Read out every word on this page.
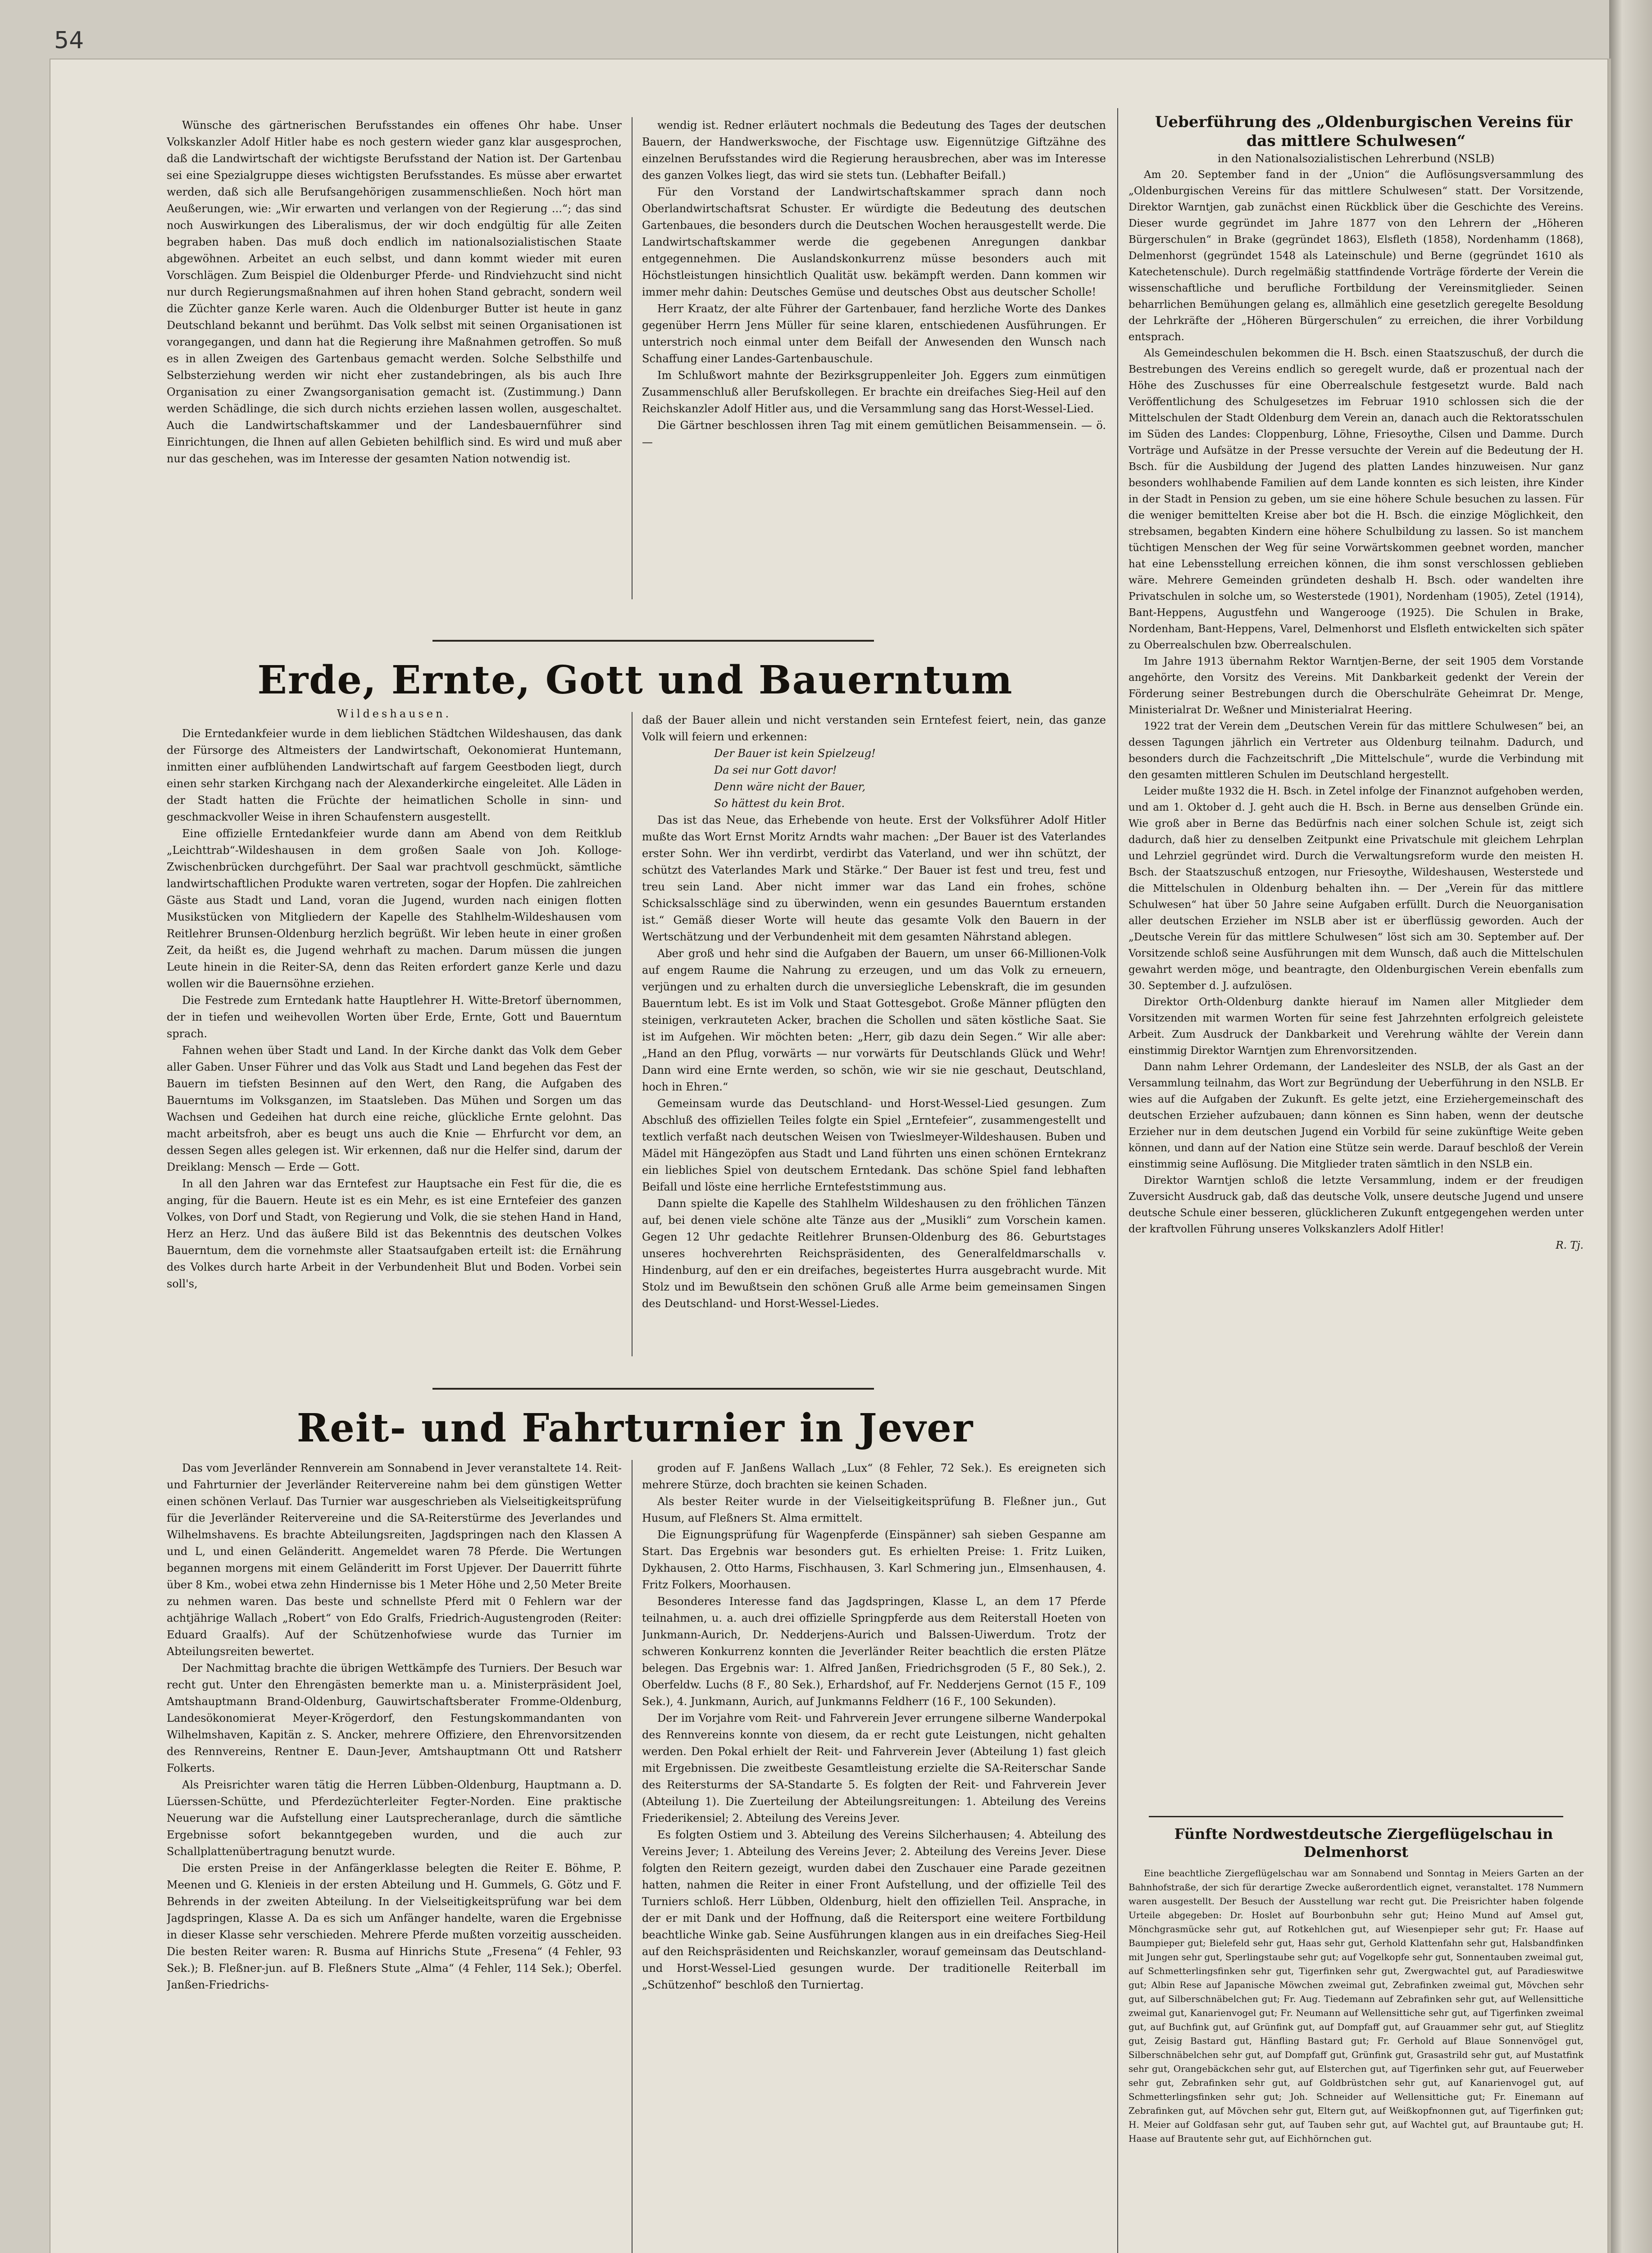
54

Wünsche des gärtnerischen Berufsstandes ein offenes Ohr habe. Unser Volkskanzler Adolf Hitler habe es noch gestern wieder ganz klar ausgesprochen, daß die Landwirtschaft der wichtigste Berufsstand der Nation ist. Der Gartenbau sei eine Spezialgruppe dieses wichtigsten Berufsstandes. Es müsse aber erwartet werden, daß sich alle Berufsangehörigen zusammenschließen. Noch hört man Aeußerungen, wie: „Wir erwarten und verlangen von der Regierung ...“; das sind noch Auswirkungen des Liberalismus, der wir doch endgültig für alle Zeiten begraben haben. Das muß doch endlich im nationalsozialistischen Staate abgewöhnen. Arbeitet an euch selbst, und dann kommt wieder mit euren Vorschlägen. Zum Beispiel die Oldenburger Pferde- und Rindviehzucht sind nicht nur durch Regierungsmaßnahmen auf ihren hohen Stand gebracht, sondern weil die Züchter ganze Kerle waren. Auch die Oldenburger Butter ist heute in ganz Deutschland bekannt und berühmt. Das Volk selbst mit seinen Organisationen ist vorangegangen, und dann hat die Regierung ihre Maßnahmen getroffen. So muß es in allen Zweigen des Gartenbaus gemacht werden. Solche Selbsthilfe und Selbsterziehung werden wir nicht eher zustandebringen, als bis auch Ihre Organisation zu einer Zwangsorganisation gemacht ist. (Zustimmung.) Dann werden Schädlinge, die sich durch nichts erziehen lassen wollen, ausgeschaltet. Auch die Landwirtschaftskammer und der Landesbauernführer sind Einrichtungen, die Ihnen auf allen Gebieten behilflich sind. Es wird und muß aber nur das geschehen, was im Interesse der gesamten Nation notwendig ist.

wendig ist. Redner erläutert nochmals die Bedeutung des Tages der deutschen Bauern, der Handwerkswoche, der Fischtage usw. Eigennützige Giftzähne des einzelnen Berufsstandes wird die Regierung herausbrechen, aber was im Interesse des ganzen Volkes liegt, das wird sie stets tun. (Lebhafter Beifall.)

Für den Vorstand der Landwirtschaftskammer sprach dann noch Oberlandwirtschaftsrat Schuster. Er würdigte die Bedeutung des deutschen Gartenbaues, die besonders durch die Deutschen Wochen herausgestellt werde. Die Landwirtschaftskammer werde die gegebenen Anregungen dankbar entgegennehmen. Die Auslandskonkurrenz müsse besonders auch mit Höchstleistungen hinsichtlich Qualität usw. bekämpft werden. Dann kommen wir immer mehr dahin: Deutsches Gemüse und deutsches Obst aus deutscher Scholle!

Herr Kraatz, der alte Führer der Gartenbauer, fand herzliche Worte des Dankes gegenüber Herrn Jens Müller für seine klaren, entschiedenen Ausführungen. Er unterstrich noch einmal unter dem Beifall der Anwesenden den Wunsch nach Schaffung einer Landes-Gartenbauschule.

Im Schlußwort mahnte der Bezirksgruppenleiter Joh. Eggers zum einmütigen Zusammenschluß aller Berufskollegen. Er brachte ein dreifaches Sieg-Heil auf den Reichskanzler Adolf Hitler aus, und die Versammlung sang das Horst-Wessel-Lied.

Die Gärtner beschlossen ihren Tag mit einem gemütlichen Beisammensein. — ö. —

Erde, Ernte, Gott und Bauerntum
Wildeshausen.

Die Erntedankfeier wurde in dem lieblichen Städtchen Wildeshausen, das dank der Fürsorge des Altmeisters der Landwirtschaft, Oekonomierat Huntemann, inmitten einer aufblühenden Landwirtschaft auf fargem Geestboden liegt, durch einen sehr starken Kirchgang nach der Alexanderkirche eingeleitet. Alle Läden in der Stadt hatten die Früchte der heimatlichen Scholle in sinn- und geschmackvoller Weise in ihren Schaufenstern ausgestellt.

Eine offizielle Erntedankfeier wurde dann am Abend von dem Reitklub „Leichttrab“-Wildeshausen in dem großen Saale von Joh. Kolloge-Zwischenbrücken durchgeführt. Der Saal war prachtvoll geschmückt, sämtliche landwirtschaftlichen Produkte waren vertreten, sogar der Hopfen. Die zahlreichen Gäste aus Stadt und Land, voran die Jugend, wurden nach einigen flotten Musikstücken von Mitgliedern der Kapelle des Stahlhelm-Wildeshausen vom Reitlehrer Brunsen-Oldenburg herzlich begrüßt. Wir leben heute in einer großen Zeit, da heißt es, die Jugend wehrhaft zu machen. Darum müssen die jungen Leute hinein in die Reiter-SA, denn das Reiten erfordert ganze Kerle und dazu wollen wir die Bauernsöhne erziehen.

Die Festrede zum Erntedank hatte Hauptlehrer H. Witte-Bretorf übernommen, der in tiefen und weihevollen Worten über Erde, Ernte, Gott und Bauerntum sprach.

Fahnen wehen über Stadt und Land. In der Kirche dankt das Volk dem Geber aller Gaben. Unser Führer und das Volk aus Stadt und Land begehen das Fest der Bauern im tiefsten Besinnen auf den Wert, den Rang, die Aufgaben des Bauerntums im Volksganzen, im Staatsleben. Das Mühen und Sorgen um das Wachsen und Gedeihen hat durch eine reiche, glückliche Ernte gelohnt. Das macht arbeitsfroh, aber es beugt uns auch die Knie — Ehrfurcht vor dem, an dessen Segen alles gelegen ist. Wir erkennen, daß nur die Helfer sind, darum der Dreiklang: Mensch — Erde — Gott.

In all den Jahren war das Erntefest zur Hauptsache ein Fest für die, die es anging, für die Bauern. Heute ist es ein Mehr, es ist eine Erntefeier des ganzen Volkes, von Dorf und Stadt, von Regierung und Volk, die sie stehen Hand in Hand, Herz an Herz. Und das äußere Bild ist das Bekenntnis des deutschen Volkes Bauerntum, dem die vornehmste aller Staatsaufgaben erteilt ist: die Ernährung des Volkes durch harte Arbeit in der Verbundenheit Blut und Boden. Vorbei sein soll's,

daß der Bauer allein und nicht verstanden sein Erntefest feiert, nein, das ganze Volk will feiern und erkennen:

Der Bauer ist kein Spielzeug!
Da sei nur Gott davor!
Denn wäre nicht der Bauer,
So hättest du kein Brot.

Das ist das Neue, das Erhebende von heute. Erst der Volksführer Adolf Hitler mußte das Wort Ernst Moritz Arndts wahr machen: „Der Bauer ist des Vaterlandes erster Sohn. Wer ihn verdirbt, verdirbt das Vaterland, und wer ihn schützt, der schützt des Vaterlandes Mark und Stärke.“ Der Bauer ist fest und treu, fest und treu sein Land. Aber nicht immer war das Land ein frohes, schöne Schicksalsschläge sind zu überwinden, wenn ein gesundes Bauerntum erstanden ist.“ Gemäß dieser Worte will heute das gesamte Volk den Bauern in der Wertschätzung und der Verbundenheit mit dem gesamten Nährstand ablegen.

Aber groß und hehr sind die Aufgaben der Bauern, um unser 66-Millionen-Volk auf engem Raume die Nahrung zu erzeugen, und um das Volk zu erneuern, verjüngen und zu erhalten durch die unversiegliche Lebenskraft, die im gesunden Bauerntum lebt. Es ist im Volk und Staat Gottesgebot. Große Männer pflügten den steinigen, verkrauteten Acker, brachen die Schollen und säten köstliche Saat. Sie ist im Aufgehen. Wir möchten beten: „Herr, gib dazu dein Segen.“ Wir alle aber: „Hand an den Pflug, vorwärts — nur vorwärts für Deutschlands Glück und Wehr! Dann wird eine Ernte werden, so schön, wie wir sie nie geschaut, Deutschland, hoch in Ehren.“

Gemeinsam wurde das Deutschland- und Horst-Wessel-Lied gesungen. Zum Abschluß des offiziellen Teiles folgte ein Spiel „Erntefeier“, zusammengestellt und textlich verfaßt nach deutschen Weisen von Twieslmeyer-Wildeshausen. Buben und Mädel mit Hängezöpfen aus Stadt und Land führten uns einen schönen Erntekranz ein liebliches Spiel von deutschem Erntedank. Das schöne Spiel fand lebhaften Beifall und löste eine herrliche Erntefeststimmung aus.

Dann spielte die Kapelle des Stahlhelm Wildeshausen zu den fröhlichen Tänzen auf, bei denen viele schöne alte Tänze aus der „Musikli“ zum Vorschein kamen. Gegen 12 Uhr gedachte Reitlehrer Brunsen-Oldenburg des 86. Geburtstages unseres hochverehrten Reichspräsidenten, des Generalfeldmarschalls v. Hindenburg, auf den er ein dreifaches, begeistertes Hurra ausgebracht wurde. Mit Stolz und im Bewußtsein den schönen Gruß alle Arme beim gemeinsamen Singen des Deutschland- und Horst-Wessel-Liedes.

Reit- und Fahrturnier in Jever

Das vom Jeverländer Rennverein am Sonnabend in Jever veranstaltete 14. Reit- und Fahrturnier der Jeverländer Reitervereine nahm bei dem günstigen Wetter einen schönen Verlauf. Das Turnier war ausgeschrieben als Vielseitigkeitsprüfung für die Jeverländer Reitervereine und die SA-Reiterstürme des Jeverlandes und Wilhelmshavens. Es brachte Abteilungsreiten, Jagdspringen nach den Klassen A und L, und einen Geländeritt. Angemeldet waren 78 Pferde. Die Wertungen begannen morgens mit einem Geländeritt im Forst Upjever. Der Dauerritt führte über 8 Km., wobei etwa zehn Hindernisse bis 1 Meter Höhe und 2,50 Meter Breite zu nehmen waren. Das beste und schnellste Pferd mit 0 Fehlern war der achtjährige Wallach „Robert“ von Edo Gralfs, Friedrich-Augustengroden (Reiter: Eduard Graalfs). Auf der Schützenhofwiese wurde das Turnier im Abteilungsreiten bewertet.

Der Nachmittag brachte die übrigen Wettkämpfe des Turniers. Der Besuch war recht gut. Unter den Ehrengästen bemerkte man u. a. Ministerpräsident Joel, Amtshauptmann Brand-Oldenburg, Gauwirtschaftsberater Fromme-Oldenburg, Landesökonomierat Meyer-Krögerdorf, den Festungskommandanten von Wilhelmshaven, Kapitän z. S. Ancker, mehrere Offiziere, den Ehrenvorsitzenden des Rennvereins, Rentner E. Daun-Jever, Amtshauptmann Ott und Ratsherr Folkerts.

Als Preisrichter waren tätig die Herren Lübben-Oldenburg, Hauptmann a. D. Lüerssen-Schütte, und Pferdezüchterleiter Fegter-Norden. Eine praktische Neuerung war die Aufstellung einer Lautsprecheranlage, durch die sämtliche Ergebnisse sofort bekanntgegeben wurden, und die auch zur Schallplattenübertragung benutzt wurde.

Die ersten Preise in der Anfängerklasse belegten die Reiter E. Böhme, P. Meenen und G. Klenieis in der ersten Abteilung und H. Gummels, G. Götz und F. Behrends in der zweiten Abteilung. In der Vielseitigkeitsprüfung war bei dem Jagdspringen, Klasse A. Da es sich um Anfänger handelte, waren die Ergebnisse in dieser Klasse sehr verschieden. Mehrere Pferde mußten vorzeitig ausscheiden. Die besten Reiter waren: R. Busma auf Hinrichs Stute „Fresena“ (4 Fehler, 93 Sek.); B. Fleßner-jun. auf B. Fleßners Stute „Alma“ (4 Fehler, 114 Sek.); Oberfel. Janßen-Friedrichs-

groden auf F. Janßens Wallach „Lux“ (8 Fehler, 72 Sek.). Es ereigneten sich mehrere Stürze, doch brachten sie keinen Schaden.

Als bester Reiter wurde in der Vielseitigkeitsprüfung B. Fleßner jun., Gut Husum, auf Fleßners St. Alma ermittelt.

Die Eignungsprüfung für Wagenpferde (Einspänner) sah sieben Gespanne am Start. Das Ergebnis war besonders gut. Es erhielten Preise: 1. Fritz Luiken, Dykhausen, 2. Otto Harms, Fischhausen, 3. Karl Schmering jun., Elmsenhausen, 4. Fritz Folkers, Moorhausen.

Besonderes Interesse fand das Jagdspringen, Klasse L, an dem 17 Pferde teilnahmen, u. a. auch drei offizielle Springpferde aus dem Reiterstall Hoeten von Junkmann-Aurich, Dr. Nedderjens-Aurich und Balssen-Uiwerdum. Trotz der schweren Konkurrenz konnten die Jeverländer Reiter beachtlich die ersten Plätze belegen. Das Ergebnis war: 1. Alfred Janßen, Friedrichsgroden (5 F., 80 Sek.), 2. Oberfeldw. Luchs (8 F., 80 Sek.), Erhardshof, auf Fr. Nedderjens Gernot (15 F., 109 Sek.), 4. Junkmann, Aurich, auf Junkmanns Feldherr (16 F., 100 Sekunden).

Der im Vorjahre vom Reit- und Fahrverein Jever errungene silberne Wanderpokal des Rennvereins konnte von diesem, da er recht gute Leistungen, nicht gehalten werden. Den Pokal erhielt der Reit- und Fahrverein Jever (Abteilung 1) fast gleich mit Ergebnissen. Die zweitbeste Gesamtleistung erzielte die SA-Reiterschar Sande des Reitersturms der SA-Standarte 5. Es folgten der Reit- und Fahrverein Jever (Abteilung 1). Die Zuerteilung der Abteilungsreitungen: 1. Abteilung des Vereins Friederikensiel; 2. Abteilung des Vereins Jever.

Es folgten Ostiem und 3. Abteilung des Vereins Silcherhausen; 4. Abteilung des Vereins Jever; 1. Abteilung des Vereins Jever; 2. Abteilung des Vereins Jever. Diese folgten den Reitern gezeigt, wurden dabei den Zuschauer eine Parade gezeitnen hatten, nahmen die Reiter in einer Front Aufstellung, und der offizielle Teil des Turniers schloß. Herr Lübben, Oldenburg, hielt den offiziellen Teil. Ansprache, in der er mit Dank und der Hoffnung, daß die Reitersport eine weitere Fortbildung beachtliche Winke gab. Seine Ausführungen klangen aus in ein dreifaches Sieg-Heil auf den Reichspräsidenten und Reichskanzler, worauf gemeinsam das Deutschland- und Horst-Wessel-Lied gesungen wurde. Der traditionelle Reiterball im „Schützenhof“ beschloß den Turniertag.

Ueberführung des „Oldenburgischen Vereins für das mittlere Schulwesen“

in den Nationalsozialistischen Lehrerbund (NSLB)

Am 20. September fand in der „Union“ die Auflösungsversammlung des „Oldenburgischen Vereins für das mittlere Schulwesen“ statt. Der Vorsitzende, Direktor Warntjen, gab zunächst einen Rückblick über die Geschichte des Vereins. Dieser wurde gegründet im Jahre 1877 von den Lehrern der „Höheren Bürgerschulen“ in Brake (gegründet 1863), Elsfleth (1858), Nordenhamm (1868), Delmenhorst (gegründet 1548 als Lateinschule) und Berne (gegründet 1610 als Katechetenschule). Durch regelmäßig stattfindende Vorträge förderte der Verein die wissenschaftliche und berufliche Fortbildung der Vereinsmitglieder. Seinen beharrlichen Bemühungen gelang es, allmählich eine gesetzlich geregelte Besoldung der Lehrkräfte der „Höheren Bürgerschulen“ zu erreichen, die ihrer Vorbildung entsprach.

Als Gemeindeschulen bekommen die H. Bsch. einen Staatszuschuß, der durch die Bestrebungen des Vereins endlich so geregelt wurde, daß er prozentual nach der Höhe des Zuschusses für eine Oberrealschule festgesetzt wurde. Bald nach Veröffentlichung des Schulgesetzes im Februar 1910 schlossen sich die der Mittelschulen der Stadt Oldenburg dem Verein an, danach auch die Rektoratsschulen im Süden des Landes: Cloppenburg, Löhne, Friesoythe, Cilsen und Damme. Durch Vorträge und Aufsätze in der Presse versuchte der Verein auf die Bedeutung der H. Bsch. für die Ausbildung der Jugend des platten Landes hinzuweisen. Nur ganz besonders wohlhabende Familien auf dem Lande konnten es sich leisten, ihre Kinder in der Stadt in Pension zu geben, um sie eine höhere Schule besuchen zu lassen. Für die weniger bemittelten Kreise aber bot die H. Bsch. die einzige Möglichkeit, den strebsamen, begabten Kindern eine höhere Schulbildung zu lassen. So ist manchem tüchtigen Menschen der Weg für seine Vorwärtskommen geebnet worden, mancher hat eine Lebensstellung erreichen können, die ihm sonst verschlossen geblieben wäre. Mehrere Gemeinden gründeten deshalb H. Bsch. oder wandelten ihre Privatschulen in solche um, so Westerstede (1901), Nordenham (1905), Zetel (1914), Bant-Heppens, Augustfehn und Wangerooge (1925). Die Schulen in Brake, Nordenham, Bant-Heppens, Varel, Delmenhorst und Elsfleth entwickelten sich später zu Oberrealschulen bzw. Oberrealschulen.

Im Jahre 1913 übernahm Rektor Warntjen-Berne, der seit 1905 dem Vorstande angehörte, den Vorsitz des Vereins. Mit Dankbarkeit gedenkt der Verein der Förderung seiner Bestrebungen durch die Oberschulräte Geheimrat Dr. Menge, Ministerialrat Dr. Weßner und Ministerialrat Heering.

1922 trat der Verein dem „Deutschen Verein für das mittlere Schulwesen“ bei, an dessen Tagungen jährlich ein Vertreter aus Oldenburg teilnahm. Dadurch, und besonders durch die Fachzeitschrift „Die Mittelschule“, wurde die Verbindung mit den gesamten mittleren Schulen im Deutschland hergestellt.

Leider mußte 1932 die H. Bsch. in Zetel infolge der Finanznot aufgehoben werden, und am 1. Oktober d. J. geht auch die H. Bsch. in Berne aus denselben Gründe ein. Wie groß aber in Berne das Bedürfnis nach einer solchen Schule ist, zeigt sich dadurch, daß hier zu denselben Zeitpunkt eine Privatschule mit gleichem Lehrplan und Lehrziel gegründet wird. Durch die Verwaltungsreform wurde den meisten H. Bsch. der Staatszuschuß entzogen, nur Friesoythe, Wildeshausen, Westerstede und die Mittelschulen in Oldenburg behalten ihn. — Der „Verein für das mittlere Schulwesen“ hat über 50 Jahre seine Aufgaben erfüllt. Durch die Neuorganisation aller deutschen Erzieher im NSLB aber ist er überflüssig geworden. Auch der „Deutsche Verein für das mittlere Schulwesen“ löst sich am 30. September auf. Der Vorsitzende schloß seine Ausführungen mit dem Wunsch, daß auch die Mittelschulen gewahrt werden möge, und beantragte, den Oldenburgischen Verein ebenfalls zum 30. September d. J. aufzulösen.

Direktor Orth-Oldenburg dankte hierauf im Namen aller Mitglieder dem Vorsitzenden mit warmen Worten für seine fest Jahrzehnten erfolgreich geleistete Arbeit. Zum Ausdruck der Dankbarkeit und Verehrung wählte der Verein dann einstimmig Direktor Warntjen zum Ehrenvorsitzenden.

Dann nahm Lehrer Ordemann, der Landesleiter des NSLB, der als Gast an der Versammlung teilnahm, das Wort zur Begründung der Ueberführung in den NSLB. Er wies auf die Aufgaben der Zukunft. Es gelte jetzt, eine Erziehergemeinschaft des deutschen Erzieher aufzubauen; dann können es Sinn haben, wenn der deutsche Erzieher nur in dem deutschen Jugend ein Vorbild für seine zukünftige Weite geben können, und dann auf der Nation eine Stütze sein werde. Darauf beschloß der Verein einstimmig seine Auflösung. Die Mitglieder traten sämtlich in den NSLB ein.

Direktor Warntjen schloß die letzte Versammlung, indem er der freudigen Zuversicht Ausdruck gab, daß das deutsche Volk, unsere deutsche Jugend und unsere deutsche Schule einer besseren, glücklicheren Zukunft entgegengehen werden unter der kraftvollen Führung unseres Volkskanzlers Adolf Hitler!

R. Tj.

Fünfte Nordwestdeutsche Ziergeflügelschau in Delmenhorst

Eine beachtliche Ziergeflügelschau war am Sonnabend und Sonntag in Meiers Garten an der Bahnhofstraße, der sich für derartige Zwecke außerordentlich eignet, veranstaltet. 178 Nummern waren ausgestellt. Der Besuch der Ausstellung war recht gut. Die Preisrichter haben folgende Urteile abgegeben: Dr. Hoslet auf Bourbonbuhn sehr gut; Heino Mund auf Amsel gut, Mönchgrasmücke sehr gut, auf Rotkehlchen gut, auf Wiesenpieper sehr gut; Fr. Haase auf Baumpieper gut; Bielefeld sehr gut, Haas sehr gut, Gerhold Klattenfahn sehr gut, Halsbandfinken mit Jungen sehr gut, Sperlingstaube sehr gut; auf Vogelkopfe sehr gut, Sonnentauben zweimal gut, auf Schmetterlingsfinken sehr gut, Tigerfinken sehr gut, Zwergwachtel gut, auf Paradieswitwe gut; Albin Rese auf Japanische Möwchen zweimal gut, Zebrafinken zweimal gut, Mövchen sehr gut, auf Silberschnäbelchen gut; Fr. Aug. Tiedemann auf Zebrafinken sehr gut, auf Wellensittiche zweimal gut, Kanarienvogel gut; Fr. Neumann auf Wellensittiche sehr gut, auf Tigerfinken zweimal gut, auf Buchfink gut, auf Grünfink gut, auf Dompfaff gut, auf Grauammer sehr gut, auf Stieglitz gut, Zeisig Bastard gut, Hänfling Bastard gut; Fr. Gerhold auf Blaue Sonnenvögel gut, Silberschnäbelchen sehr gut, auf Dompfaff gut, Grünfink gut, Grasastrild sehr gut, auf Mustatfink sehr gut, Orangebäckchen sehr gut, auf Elsterchen gut, auf Tigerfinken sehr gut, auf Feuerweber sehr gut, Zebrafinken sehr gut, auf Goldbrüstchen sehr gut, auf Kanarienvogel gut, auf Schmetterlingsfinken sehr gut; Joh. Schneider auf Wellensittiche gut; Fr. Einemann auf Zebrafinken gut, auf Mövchen sehr gut, Eltern gut, auf Weißkopfnonnen gut, auf Tigerfinken gut; H. Meier auf Goldfasan sehr gut, auf Tauben sehr gut, auf Wachtel gut, auf Brauntaube gut; H. Haase auf Brautente sehr gut, auf Eichhörnchen gut.
